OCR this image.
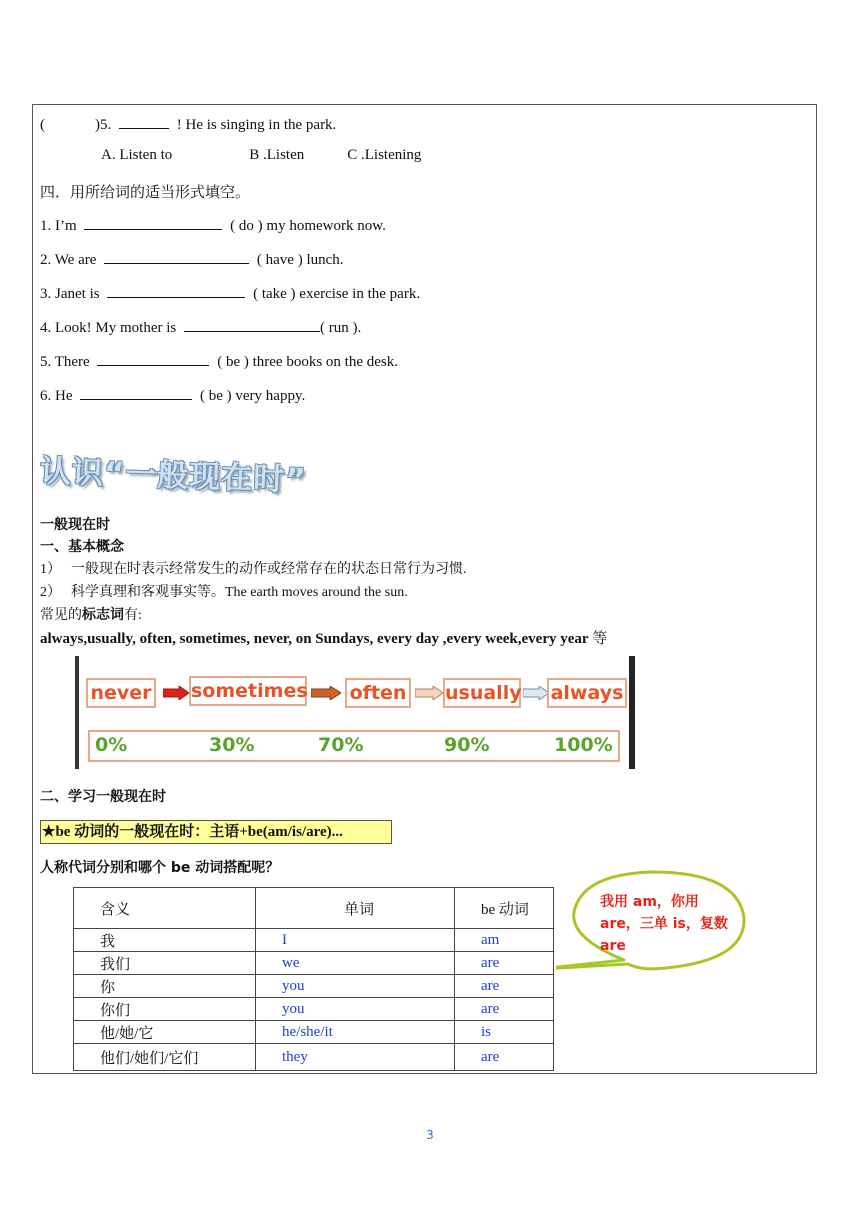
(	)5.	! He is singing in the park.
A. Listen to	B .Listen	C .Listening
四．用所给词的适当形式填空。
1. I’m	( do ) my homework now.
2. We are	( have ) lunch.
3. Janet is	( take ) exercise in the park.
4. Look! My mother is	( run ).
5. There	( be ) three books on the desk.
6. He	( be ) very happy.
认识“一般现在时”
一般现在时
一、基本概念
1） 一般现在时表示经常发生的动作或经常存在的状态日常行为习惯.
2） 科学真理和客观事实等。The earth moves around the sun.
常见的标志词有:
always,usually, often, sometimes, never, on Sundays, every day ,every week,every year 等
never sometimes often usually always
0%	30%	70%	90%	100%
二、学习一般现在时
★be 动词的一般现在时：主语+be(am/is/are)...
人称代词分别和哪个 be 动词搭配呢？
含义	单词	be 动词
我	I	am
我们	we	are
你	you	are
你们	you	are
他/她/它	he/she/it	is
他们/她们/它们	they	are
我用 am，你用 are，三单 is，复数 are
3
